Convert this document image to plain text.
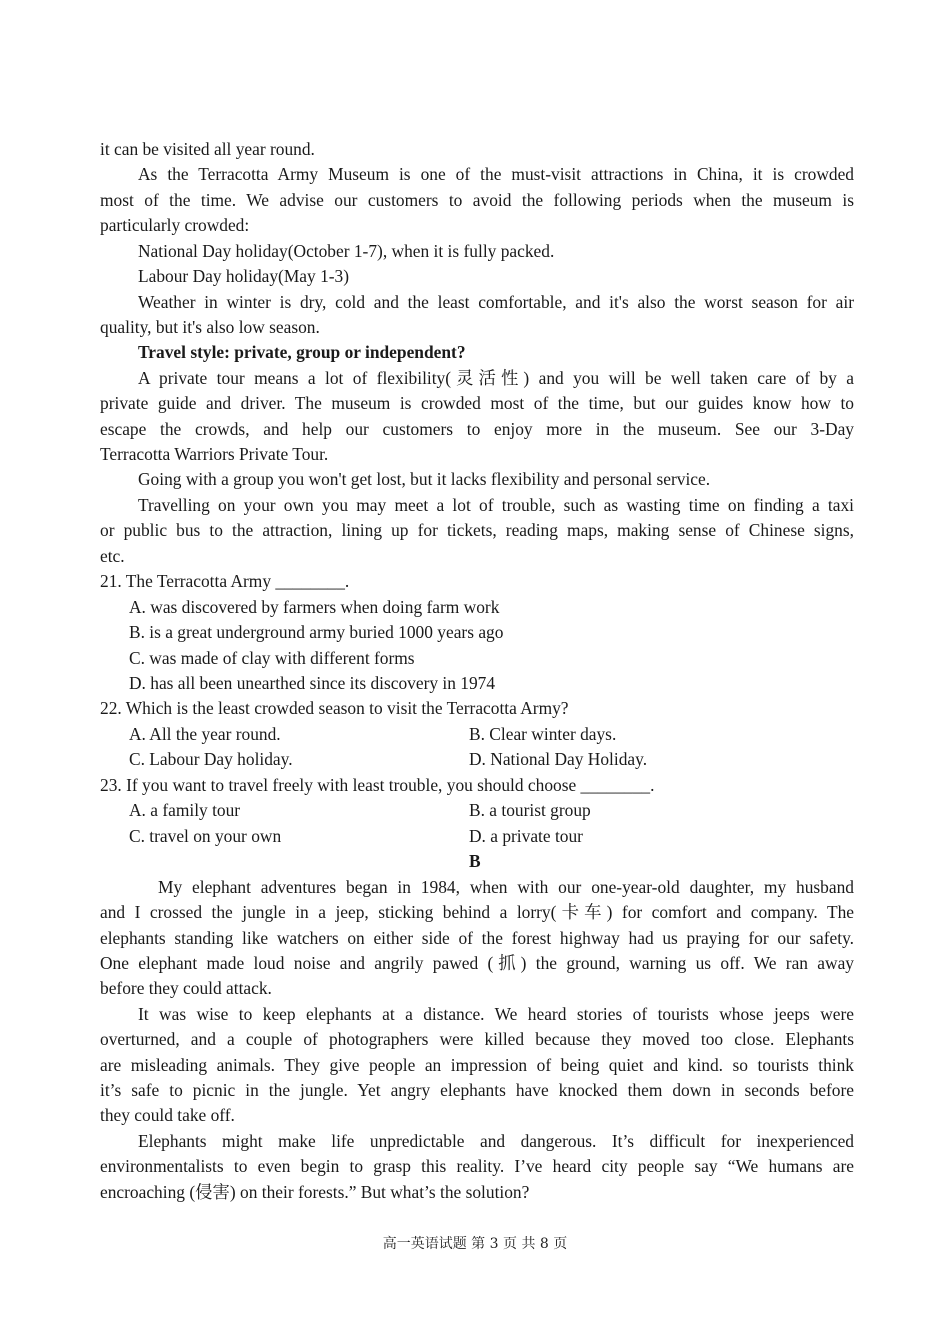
it can be visited all year round.
As the Terracotta Army Museum is one of the must-visit attractions in China, it is crowded
most of the time. We advise our customers to avoid the following periods when the museum is
particularly crowded:
National Day holiday(October 1-7), when it is fully packed.
Labour Day holiday(May 1-3)
Weather in winter is dry, cold and the least comfortable, and it's also the worst season for air
quality, but it's also low season.
Travel style: private, group or independent?
A private tour means a lot of flexibility(灵活性) and you will be well taken care of by a
private guide and driver. The museum is crowded most of the time, but our guides know how to
escape the crowds, and help our customers to enjoy more in the museum. See our 3-Day
Terracotta Warriors Private Tour.
Going with a group you won't get lost, but it lacks flexibility and personal service.
Travelling on your own you may meet a lot of trouble, such as wasting time on finding a taxi
or public bus to the attraction, lining up for tickets, reading maps, making sense of Chinese signs,
etc.
21. The Terracotta Army ________.
A. was discovered by farmers when doing farm work
B. is a great underground army buried 1000 years ago
C. was made of clay with different forms
D. has all been unearthed since its discovery in 1974
22. Which is the least crowded season to visit the Terracotta Army?
A. All the year round.	B. Clear winter days.
C. Labour Day holiday.	D. National Day Holiday.
23. If you want to travel freely with least trouble, you should choose ________.
A. a family tour	B. a tourist group
C. travel on your own	D. a private tour
B
My elephant adventures began in 1984, when with our one-year-old daughter, my husband
and I crossed the jungle in a jeep, sticking behind a lorry(卡车) for comfort and company. The
elephants standing like watchers on either side of the forest highway had us praying for our safety.
One elephant made loud noise and angrily pawed (抓) the ground, warning us off. We ran away
before they could attack.
It was wise to keep elephants at a distance. We heard stories of tourists whose jeeps were
overturned, and a couple of photographers were killed because they moved too close. Elephants
are misleading animals. They give people an impression of being quiet and kind. so tourists think
it’s safe to picnic in the jungle. Yet angry elephants have knocked them down in seconds before
they could take off.
Elephants might make life unpredictable and dangerous. It’s difficult for inexperienced
environmentalists to even begin to grasp this reality. I’ve heard city people say “We humans are
encroaching (侵害) on their forests.” But what’s the solution?
高一英语试题 第 3 页 共 8 页
